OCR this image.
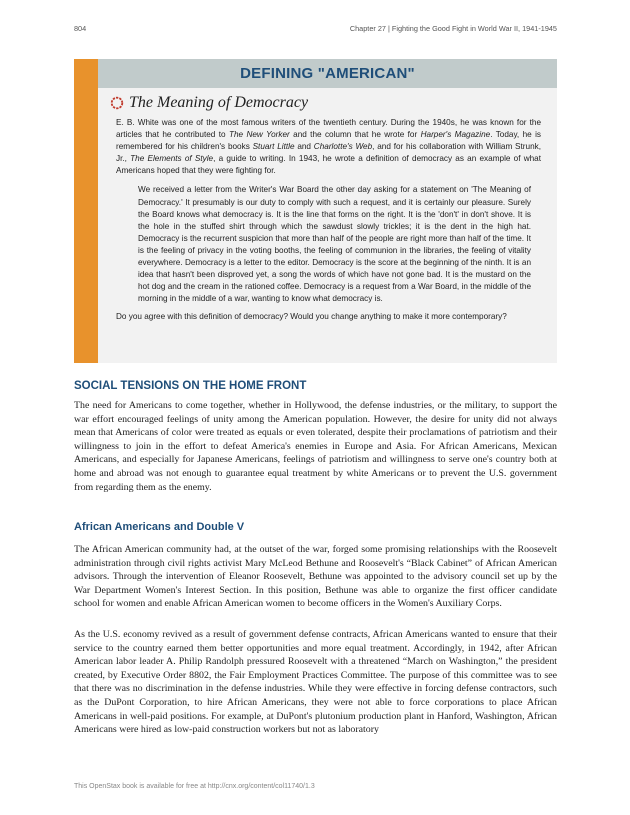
804	Chapter 27 | Fighting the Good Fight in World War II, 1941-1945
DEFINING "AMERICAN"
The Meaning of Democracy

E. B. White was one of the most famous writers of the twentieth century. During the 1940s, he was known for the articles that he contributed to The New Yorker and the column that he wrote for Harper's Magazine. Today, he is remembered for his children's books Stuart Little and Charlotte's Web, and for his collaboration with William Strunk, Jr., The Elements of Style, a guide to writing. In 1943, he wrote a definition of democracy as an example of what Americans hoped that they were fighting for.

We received a letter from the Writer's War Board the other day asking for a statement on 'The Meaning of Democracy.' It presumably is our duty to comply with such a request, and it is certainly our pleasure. Surely the Board knows what democracy is. It is the line that forms on the right. It is the 'don't' in don't shove. It is the hole in the stuffed shirt through which the sawdust slowly trickles; it is the dent in the high hat. Democracy is the recurrent suspicion that more than half of the people are right more than half of the time. It is the feeling of privacy in the voting booths, the feeling of communion in the libraries, the feeling of vitality everywhere. Democracy is a letter to the editor. Democracy is the score at the beginning of the ninth. It is an idea that hasn't been disproved yet, a song the words of which have not gone bad. It is the mustard on the hot dog and the cream in the rationed coffee. Democracy is a request from a War Board, in the middle of the morning in the middle of a war, wanting to know what democracy is.

Do you agree with this definition of democracy? Would you change anything to make it more contemporary?

SOCIAL TENSIONS ON THE HOME FRONT

The need for Americans to come together, whether in Hollywood, the defense industries, or the military, to support the war effort encouraged feelings of unity among the American population. However, the desire for unity did not always mean that Americans of color were treated as equals or even tolerated, despite their proclamations of patriotism and their willingness to join in the effort to defeat America's enemies in Europe and Asia. For African Americans, Mexican Americans, and especially for Japanese Americans, feelings of patriotism and willingness to serve one's country both at home and abroad was not enough to guarantee equal treatment by white Americans or to prevent the U.S. government from regarding them as the enemy.

African Americans and Double V

The African American community had, at the outset of the war, forged some promising relationships with the Roosevelt administration through civil rights activist Mary McLeod Bethune and Roosevelt's “Black Cabinet” of African American advisors. Through the intervention of Eleanor Roosevelt, Bethune was appointed to the advisory council set up by the War Department Women's Interest Section. In this position, Bethune was able to organize the first officer candidate school for women and enable African American women to become officers in the Women's Auxiliary Corps.

As the U.S. economy revived as a result of government defense contracts, African Americans wanted to ensure that their service to the country earned them better opportunities and more equal treatment. Accordingly, in 1942, after African American labor leader A. Philip Randolph pressured Roosevelt with a threatened “March on Washington,” the president created, by Executive Order 8802, the Fair Employment Practices Committee. The purpose of this committee was to see that there was no discrimination in the defense industries. While they were effective in forcing defense contractors, such as the DuPont Corporation, to hire African Americans, they were not able to force corporations to place African Americans in well-paid positions. For example, at DuPont's plutonium production plant in Hanford, Washington, African Americans were hired as low-paid construction workers but not as laboratory

This OpenStax book is available for free at http://cnx.org/content/col11740/1.3
